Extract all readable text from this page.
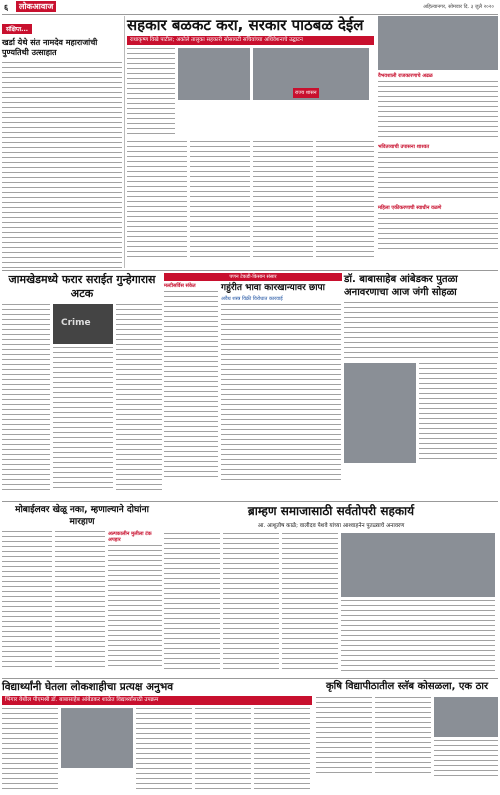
६	लोकआवाज	अहिल्यानगर, सोमवार दि. ३ जुलै २०२०
संक्षिप्त...
खर्डा येथे संत नामदेव महाराजांची पुण्यतिथी उत्साहात
सहकार बळकट करा, सरकार पाठबळ देईल
राधाकृष्ण विखे पाटील; अकोले तालुका सहकारी सोसायटी सचिवांच्या अधिवेशनाचे उद्घाटन
राज्य शासन
वैभवशाली राजकारणाचे अढळ
भवितव्याची उपासना शाश्वत
महिला एकीकरणाची स्वाधीन वळणे
जामखेडमध्ये फरार सराईत गुन्हेगारास अटक
Crime
पणन टेकडी-किसान संसार
मल्टीसर्विस संकेत	गहुंरीत भावा कारखान्यावर छापा
अवैध शस्त्र विक्री विरोधात कारवाई
डॉ. बाबासाहेब आंबेडकर पुतळा अनावरणाचा आज जंगी सोहळा
मोबाईलवर खेळू नका, म्हणाल्याने दोघांना मारहाण
अल्पकालीन मुलीला टंक अपहार
ब्राम्हण समाजासाठी सर्वतोपरी सहकार्य
आ. आशुतोष काळे; वालीदव पेशवे यांच्या आश्वाहनेन पुतळ्याचे अनावरण
विद्यार्थ्यांनी घेतला लोकशाहीचा प्रत्यक्ष अनुभव
भिंगार येथील पीएमश्री डॉ. बाबासाहेब आंबेडकर शाळेत विद्यार्थ्यांसाठी उपक्रम
कृषि विद्यापीठातील स्लॅब कोसळला, एक ठार
